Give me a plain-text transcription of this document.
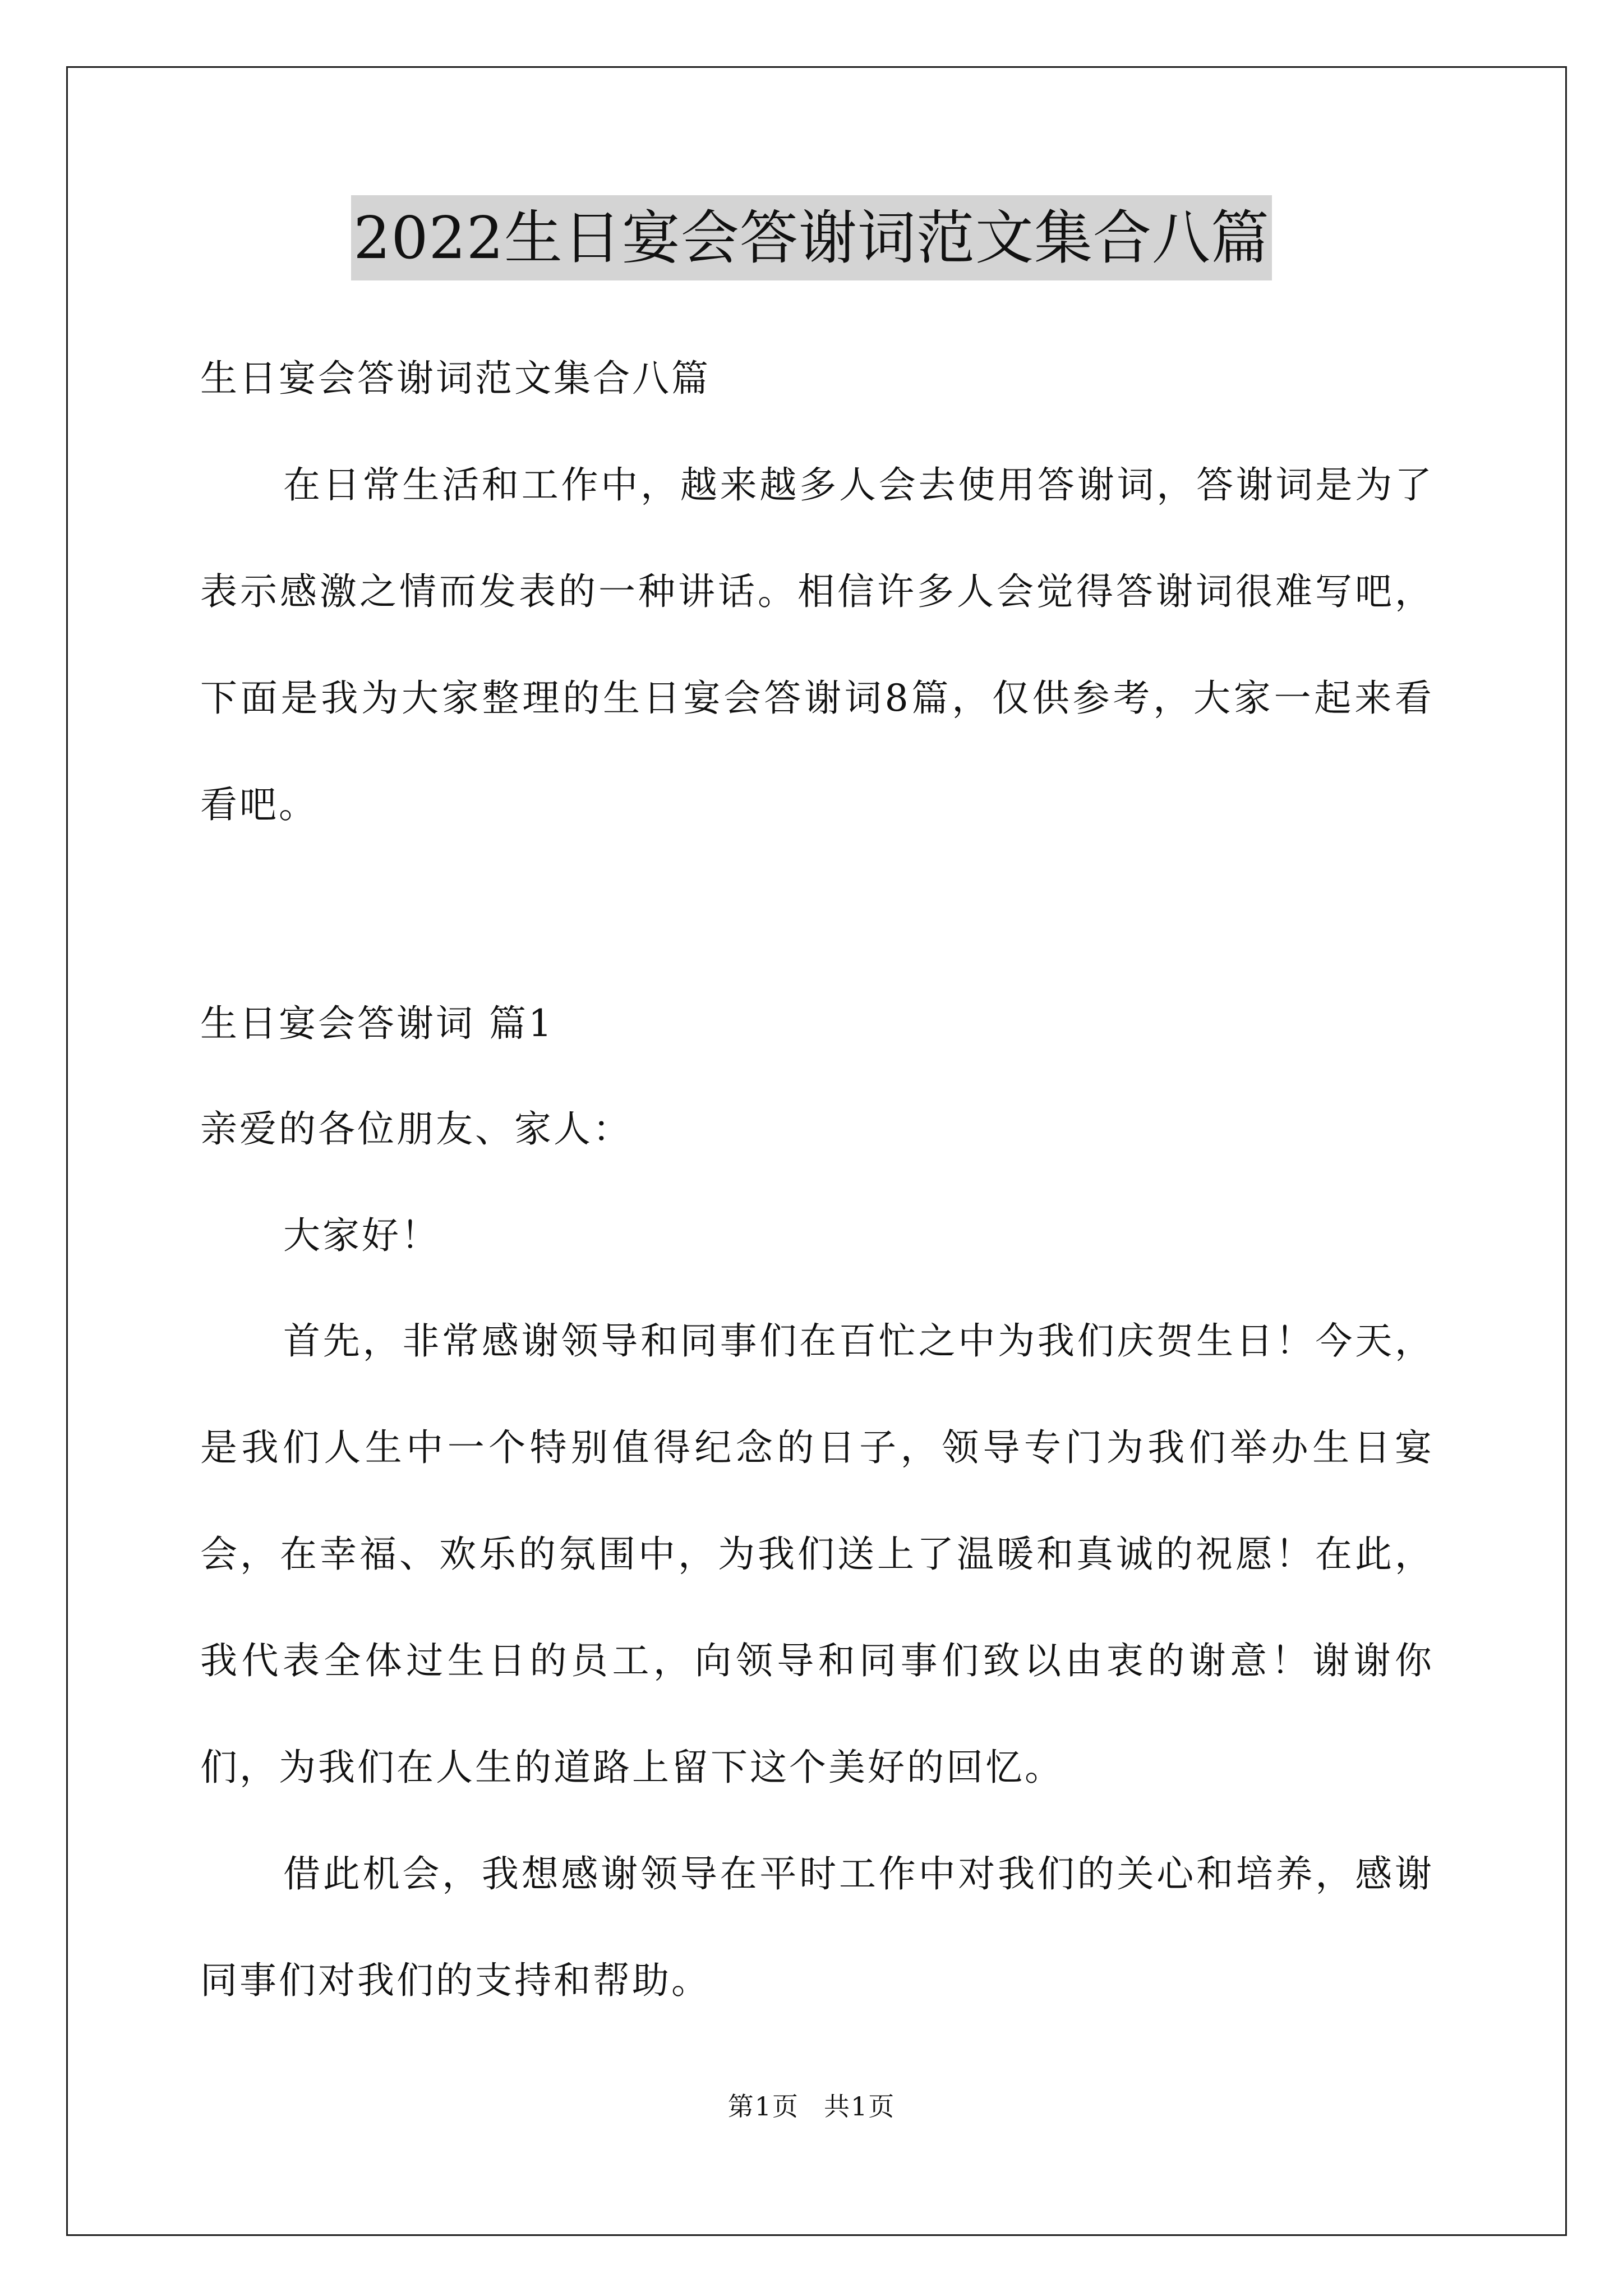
2022生日宴会答谢词范文集合八篇
生日宴会答谢词范文集合八篇
在日常生活和工作中，越来越多人会去使用答谢词，答谢词是为了表示感激之情而发表的一种讲话。相信许多人会觉得答谢词很难写吧，下面是我为大家整理的生日宴会答谢词8篇，仅供参考，大家一起来看看吧。
生日宴会答谢词 篇1
亲爱的各位朋友、家人：
大家好！
首先，非常感谢领导和同事们在百忙之中为我们庆贺生日！今天，是我们人生中一个特别值得纪念的日子，领导专门为我们举办生日宴会，在幸福、欢乐的氛围中，为我们送上了温暖和真诚的祝愿！在此，我代表全体过生日的员工，向领导和同事们致以由衷的谢意！谢谢你们，为我们在人生的道路上留下这个美好的回忆。
借此机会，我想感谢领导在平时工作中对我们的关心和培养，感谢同事们对我们的支持和帮助。
第1页 共1页
